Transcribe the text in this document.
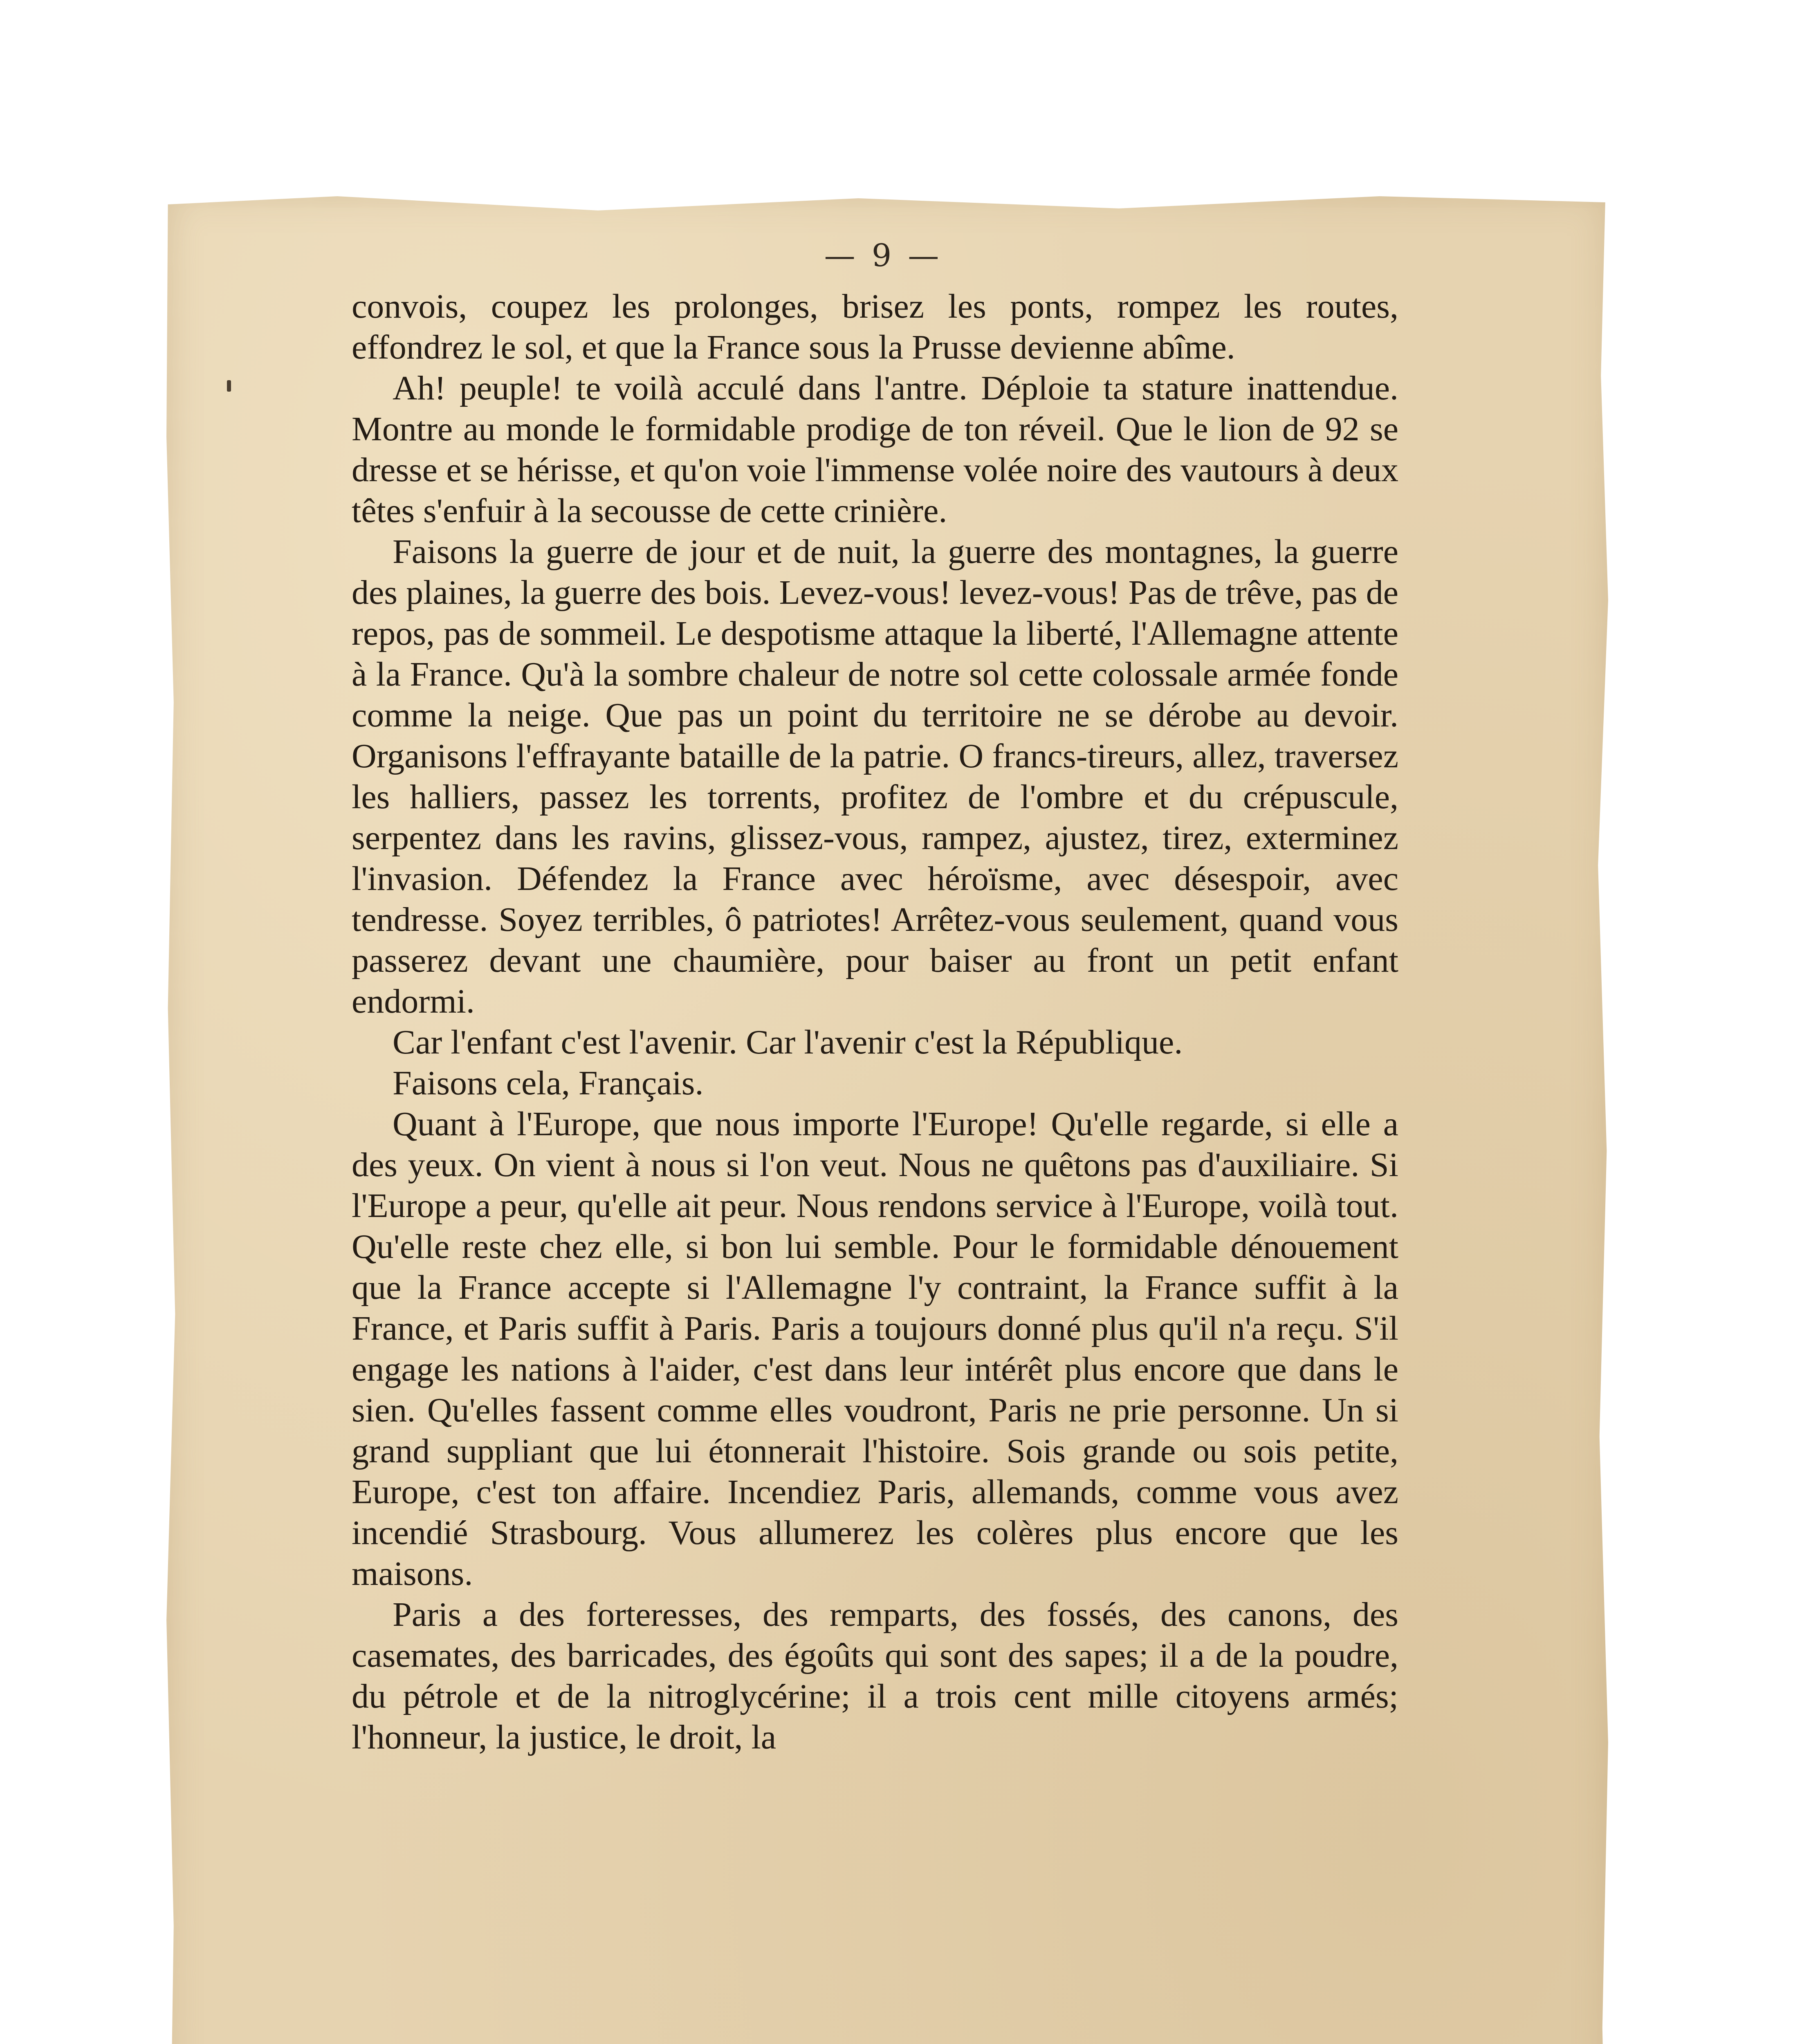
— 9 —

convois, coupez les prolonges, brisez les ponts, rompez les routes, effondrez le sol, et que la France sous la Prusse devienne abîme.

Ah! peuple! te voilà acculé dans l'antre. Déploie ta stature inattendue. Montre au monde le formidable prodige de ton réveil. Que le lion de 92 se dresse et se hérisse, et qu'on voie l'immense volée noire des vautours à deux têtes s'enfuir à la secousse de cette crinière.

Faisons la guerre de jour et de nuit, la guerre des montagnes, la guerre des plaines, la guerre des bois. Levez-vous! levez-vous! Pas de trêve, pas de repos, pas de sommeil. Le despotisme attaque la liberté, l'Allemagne attente à la France. Qu'à la sombre chaleur de notre sol cette colossale armée fonde comme la neige. Que pas un point du territoire ne se dérobe au devoir. Organisons l'effrayante bataille de la patrie. O francs-tireurs, allez, traversez les halliers, passez les torrents, profitez de l'ombre et du crépuscule, serpentez dans les ravins, glissez-vous, rampez, ajustez, tirez, exterminez l'invasion. Défendez la France avec héroïsme, avec désespoir, avec tendresse. Soyez terribles, ô patriotes! Arrêtez-vous seulement, quand vous passerez devant une chaumière, pour baiser au front un petit enfant endormi.

Car l'enfant c'est l'avenir. Car l'avenir c'est la République.

Faisons cela, Français.

Quant à l'Europe, que nous importe l'Europe! Qu'elle regarde, si elle a des yeux. On vient à nous si l'on veut. Nous ne quêtons pas d'auxiliaire. Si l'Europe a peur, qu'elle ait peur. Nous rendons service à l'Europe, voilà tout. Qu'elle reste chez elle, si bon lui semble. Pour le formidable dénouement que la France accepte si l'Allemagne l'y contraint, la France suffit à la France, et Paris suffit à Paris. Paris a toujours donné plus qu'il n'a reçu. S'il engage les nations à l'aider, c'est dans leur intérêt plus encore que dans le sien. Qu'elles fassent comme elles voudront, Paris ne prie personne. Un si grand suppliant que lui étonnerait l'histoire. Sois grande ou sois petite, Europe, c'est ton affaire. Incendiez Paris, allemands, comme vous avez incendié Strasbourg. Vous allumerez les colères plus encore que les maisons.

Paris a des forteresses, des remparts, des fossés, des canons, des casemates, des barricades, des égoûts qui sont des sapes; il a de la poudre, du pétrole et de la nitroglycérine; il a trois cent mille citoyens armés; l'honneur, la justice, le droit, la
